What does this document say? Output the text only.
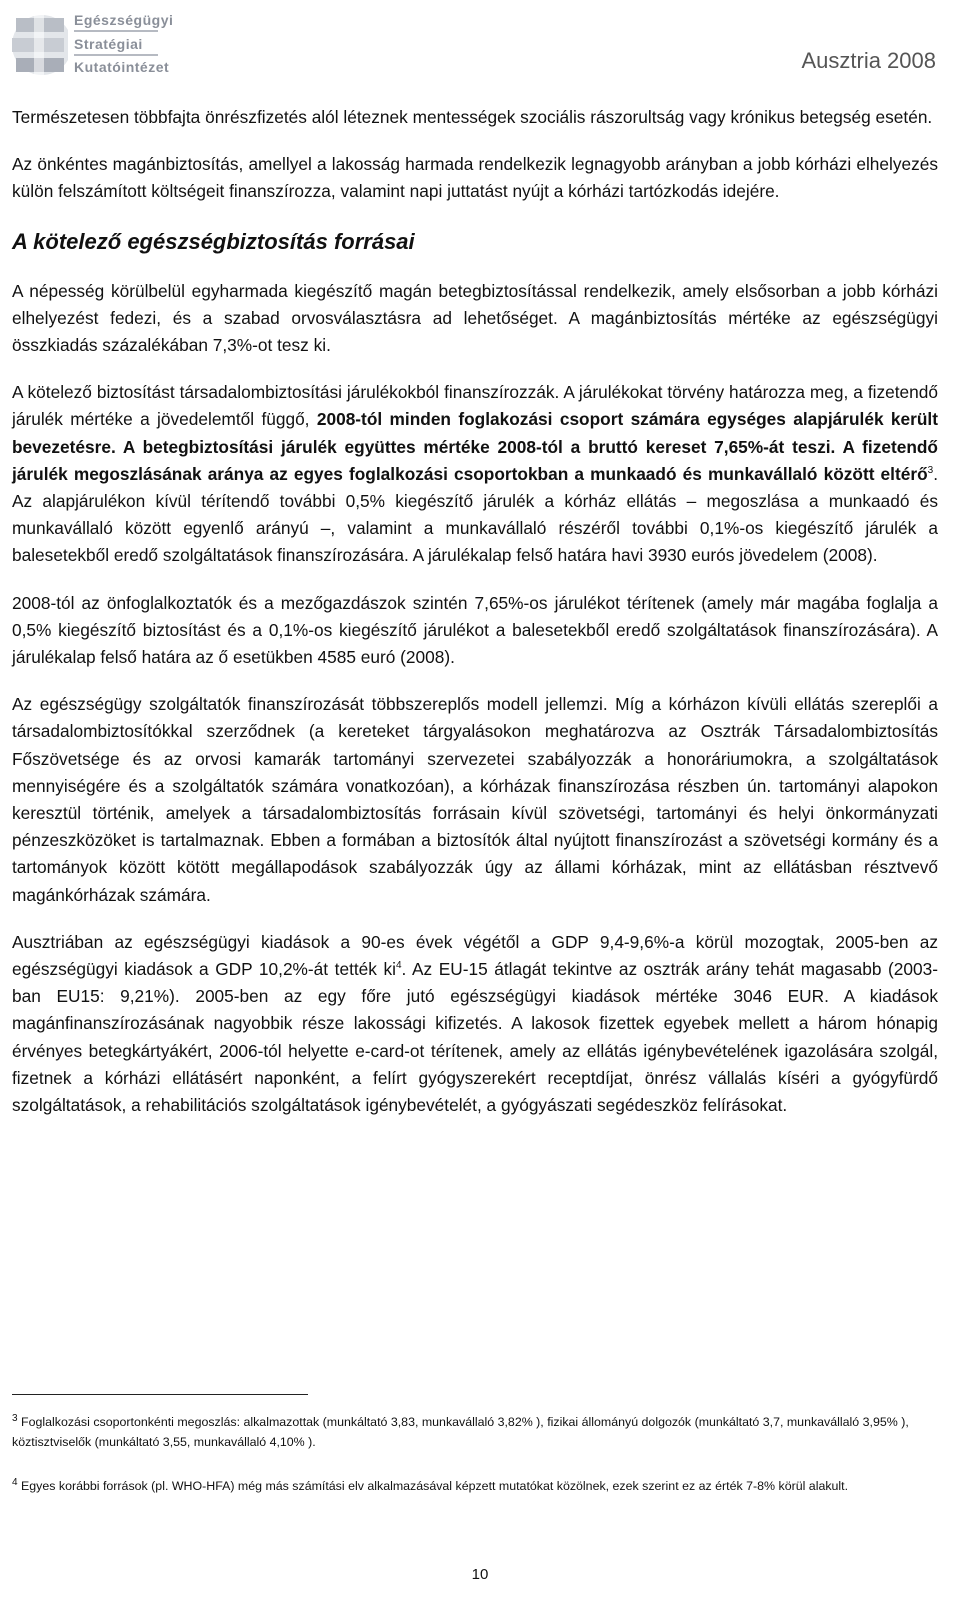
Egészségügyi
Stratégiai
Kutatóintézet	Ausztria 2008

Természetesen többfajta önrészfizetés alól léteznek mentességek szociális rászorultság vagy krónikus betegség esetén.

Az önkéntes magánbiztosítás, amellyel a lakosság harmada rendelkezik legnagyobb arányban a jobb kórházi elhelyezés külön felszámított költségeit finanszírozza, valamint napi juttatást nyújt a kórházi tartózkodás idejére.

A kötelező egészségbiztosítás forrásai

A népesség körülbelül egyharmada kiegészítő magán betegbiztosítással rendelkezik, amely elsősorban a jobb kórházi elhelyezést fedezi, és a szabad orvosválasztásra ad lehetőséget. A magánbiztosítás mértéke az egészségügyi összkiadás százalékában 7,3%-ot tesz ki.

A kötelező biztosítást társadalombiztosítási járulékokból finanszírozzák. A járulékokat törvény határozza meg, a fizetendő járulék mértéke a jövedelemtől függő, 2008-tól minden foglakozási csoport számára egységes alapjárulék került bevezetésre. A betegbiztosítási járulék együttes mértéke 2008-tól a bruttó kereset 7,65%-át teszi. A fizetendő járulék megoszlásának aránya az egyes foglalkozási csoportokban a munkaadó és munkavállaló között eltérő$^3$. Az alapjárulékon kívül térítendő további 0,5% kiegészítő járulék a kórház ellátás – megoszlása a munkaadó és munkavállaló között egyenlő arányú –, valamint a munkavállaló részéről további 0,1%-os kiegészítő járulék a balesetekből eredő szolgáltatások finanszírozására. A járulékalap felső határa havi 3930 eurós jövedelem (2008).

2008-tól az önfoglalkoztatók és a mezőgazdászok szintén 7,65%-os járulékot térítenek (amely már magába foglalja a 0,5% kiegészítő biztosítást és a 0,1%-os kiegészítő járulékot a balesetekből eredő szolgáltatások finanszírozására). A járulékalap felső határa az ő esetükben 4585 euró (2008).

Az egészségügy szolgáltatók finanszírozását többszereplős modell jellemzi. Míg a kórházon kívüli ellátás szereplői a társadalombiztosítókkal szerződnek (a kereteket tárgyalásokon meghatározva az Osztrák Társadalombiztosítás Főszövetsége és az orvosi kamarák tartományi szervezetei szabályozzák a honoráriumokra, a szolgáltatások mennyiségére és a szolgáltatók számára vonatkozóan), a kórházak finanszírozása részben ún. tartományi alapokon keresztül történik, amelyek a társadalombiztosítás forrásain kívül szövetségi, tartományi és helyi önkormányzati pénzeszközöket is tartalmaznak. Ebben a formában a biztosítók által nyújtott finanszírozást a szövetségi kormány és a tartományok között kötött megállapodások szabályozzák úgy az állami kórházak, mint az ellátásban résztvevő magánkórházak számára.

Ausztriában az egészségügyi kiadások a 90-es évek végétől a GDP 9,4-9,6%-a körül mozogtak, 2005-ben az egészségügyi kiadások a GDP 10,2%-át tették $ki^4$. Az EU-15 átlagát tekintve az osztrák arány tehát magasabb (2003-ban EU15: 9,21%). 2005-ben az egy főre jutó egészségügyi kiadások mértéke 3046 EUR. A kiadások magánfinanszírozásának nagyobbik része lakossági kifizetés. A lakosok fizettek egyebek mellett a három hónapig érvényes betegkártyákért, 2006-tól helyette e-card-ot térítenek, amely az ellátás igénybevételének igazolására szolgál, fizetnek a kórházi ellátásért naponként, a felírt gyógyszerekért receptdíjat, önrész vállalás kíséri a gyógyfürdő szolgáltatások, a rehabilitációs szolgáltatások igénybevételét, a gyógyászati segédeszköz felírásokat.

$^3$ Foglalkozási csoportonkénti megoszlás: alkalmazottak (munkáltató 3,83, munkavállaló 3,82% ), fizikai állományú dolgozók (munkáltató 3,7, munkavállaló 3,95% ), köztisztviselők (munkáltató 3,55, munkavállaló 4,10% ).

$^4$ Egyes korábbi források (pl. WHO-HFA) még más számítási elv alkalmazásával képzett mutatókat közölnek, ezek szerint ez az érték 7-8% körül alakult.

10
